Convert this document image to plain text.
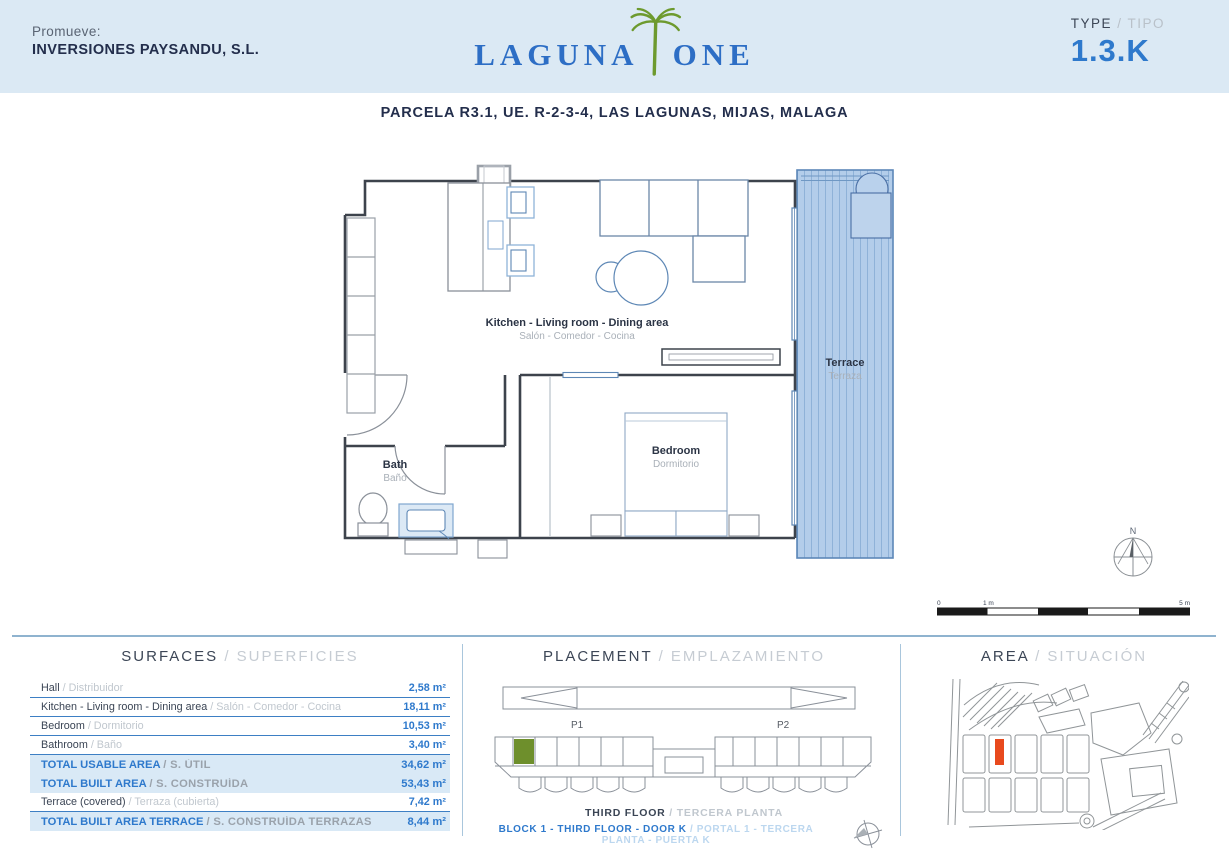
Promueve:
INVERSIONES PAYSANDU, S.L.	LAGUNA ONE
TYPE / TIPO
1.3.K
PARCELA R3.1, UE. R-2-3-4, LAS LAGUNAS, MIJAS, MALAGA
Terrace
Terraza
Kitchen - Living room - Dining area
Salón - Comedor - Cocina
Bedroom
Dormitorio
Bath
Baño
N
0	1 m	5 m
SURFACES / SUPERFICIES
Hall / Distribuidor	2,58 m²
Kitchen - Living room - Dining area / Salón - Comedor - Cocina	18,11 m²
Bedroom / Dormitorio	10,53 m²
Bathroom / Baño	3,40 m²
TOTAL USABLE AREA / S. ÚTIL	34,62 m²
TOTAL BUILT AREA / S. CONSTRUÍDA	53,43 m²
Terrace (covered) / Terraza (cubierta)	7,42 m²
TOTAL BUILT AREA TERRACE / S. CONSTRUÍDA TERRAZAS	8,44 m²
PLACEMENT / EMPLAZAMIENTO
P1	P2
THIRD FLOOR / TERCERA PLANTA
BLOCK 1 - THIRD FLOOR - DOOR K / PORTAL 1 - TERCERA PLANTA - PUERTA K
AREA / SITUACIÓN
